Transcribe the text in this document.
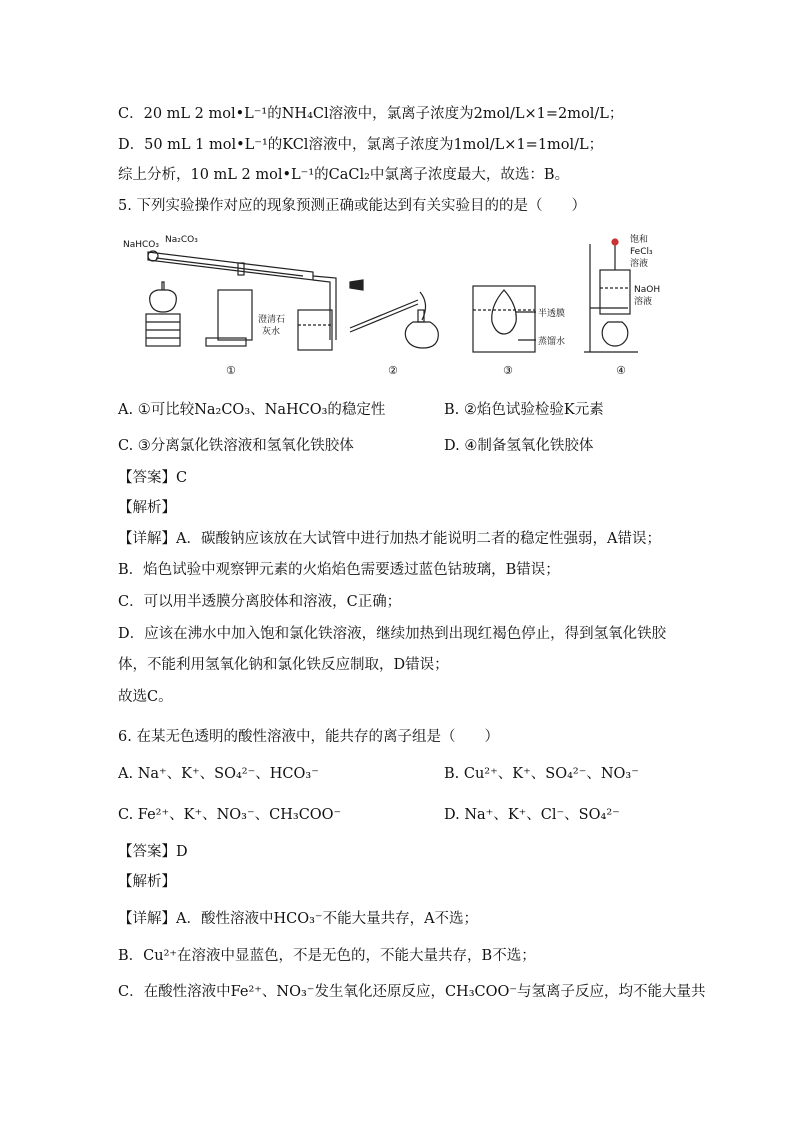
C．20 mL 2 mol•L⁻¹的NH₄Cl溶液中，氯离子浓度为2mol/L×1=2mol/L；
D．50 mL 1 mol•L⁻¹的KCl溶液中，氯离子浓度为1mol/L×1=1mol/L；
综上分析，10 mL 2 mol•L⁻¹的CaCl₂中氯离子浓度最大，故选：B。
5. 下列实验操作对应的现象预测正确或能达到有关实验目的的是（　　）
NaHCO₃ Na₂CO₃
澄清石
灰水
半透膜
蒸馏水
饱和
FeCl₃
溶液
NaOH
溶液
①	②	③	④
A. ①可比较Na₂CO₃、NaHCO₃的稳定性	B. ②焰色试验检验K元素
C. ③分离氯化铁溶液和氢氧化铁胶体	D. ④制备氢氧化铁胶体
【答案】C
【解析】
【详解】A．碳酸钠应该放在大试管中进行加热才能说明二者的稳定性强弱，A错误；
B．焰色试验中观察钾元素的火焰焰色需要透过蓝色钴玻璃，B错误；
C．可以用半透膜分离胶体和溶液，C正确；
D．应该在沸水中加入饱和氯化铁溶液，继续加热到出现红褐色停止，得到氢氧化铁胶
体，不能利用氢氧化钠和氯化铁反应制取，D错误；
故选C。
6. 在某无色透明的酸性溶液中，能共存的离子组是（　　）
A. Na⁺、K⁺、SO₄²⁻、HCO₃⁻	B. Cu²⁺、K⁺、SO₄²⁻、NO₃⁻
C. Fe²⁺、K⁺、NO₃⁻、CH₃COO⁻	D. Na⁺、K⁺、Cl⁻、SO₄²⁻
【答案】D
【解析】
【详解】A．酸性溶液中HCO₃⁻不能大量共存，A不选；
B．Cu²⁺在溶液中显蓝色，不是无色的，不能大量共存，B不选；
C．在酸性溶液中Fe²⁺、NO₃⁻发生氧化还原反应，CH₃COO⁻与氢离子反应，均不能大量共
